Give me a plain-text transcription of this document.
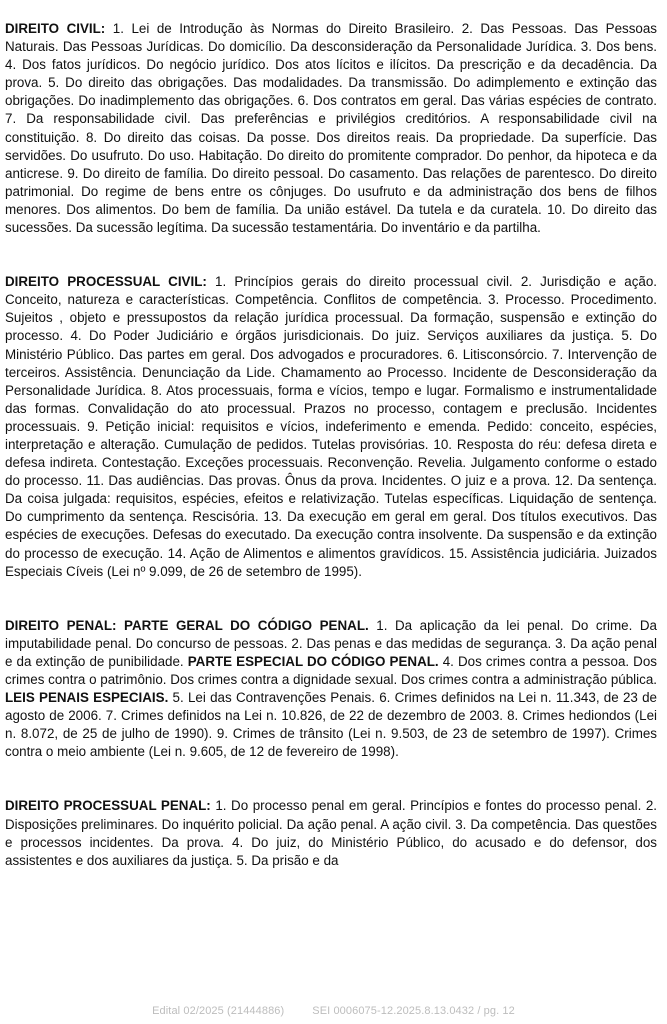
DIREITO CIVIL: 1. Lei de Introdução às Normas do Direito Brasileiro. 2. Das Pessoas. Das Pessoas Naturais. Das Pessoas Jurídicas. Do domicílio. Da desconsideração da Personalidade Jurídica. 3. Dos bens. 4. Dos fatos jurídicos. Do negócio jurídico. Dos atos lícitos e ilícitos. Da prescrição e da decadência. Da prova. 5. Do direito das obrigações. Das modalidades. Da transmissão. Do adimplemento e extinção das obrigações. Do inadimplemento das obrigações. 6. Dos contratos em geral. Das várias espécies de contrato. 7. Da responsabilidade civil. Das preferências e privilégios creditórios. A responsabilidade civil na constituição. 8. Do direito das coisas. Da posse. Dos direitos reais. Da propriedade. Da superfície. Das servidões. Do usufruto. Do uso. Habitação. Do direito do promitente comprador. Do penhor, da hipoteca e da anticrese. 9. Do direito de família. Do direito pessoal. Do casamento. Das relações de parentesco. Do direito patrimonial. Do regime de bens entre os cônjuges. Do usufruto e da administração dos bens de filhos menores. Dos alimentos. Do bem de família. Da união estável. Da tutela e da curatela. 10. Do direito das sucessões. Da sucessão legítima. Da sucessão testamentária. Do inventário e da partilha.

DIREITO PROCESSUAL CIVIL: 1. Princípios gerais do direito processual civil. 2. Jurisdição e ação. Conceito, natureza e características. Competência. Conflitos de competência. 3. Processo. Procedimento. Sujeitos , objeto e pressupostos da relação jurídica processual. Da formação, suspensão e extinção do processo. 4. Do Poder Judiciário e órgãos jurisdicionais. Do juiz. Serviços auxiliares da justiça. 5. Do Ministério Público. Das partes em geral. Dos advogados e procuradores. 6. Litisconsórcio. 7. Intervenção de terceiros. Assistência. Denunciação da Lide. Chamamento ao Processo. Incidente de Desconsideração da Personalidade Jurídica. 8. Atos processuais, forma e vícios, tempo e lugar. Formalismo e instrumentalidade das formas. Convalidação do ato processual. Prazos no processo, contagem e preclusão. Incidentes processuais. 9. Petição inicial: requisitos e vícios, indeferimento e emenda. Pedido: conceito, espécies, interpretação e alteração. Cumulação de pedidos. Tutelas provisórias. 10. Resposta do réu: defesa direta e defesa indireta. Contestação. Exceções processuais. Reconvenção. Revelia. Julgamento conforme o estado do processo. 11. Das audiências. Das provas. Ônus da prova. Incidentes. O juiz e a prova. 12. Da sentença. Da coisa julgada: requisitos, espécies, efeitos e relativização. Tutelas específicas. Liquidação de sentença. Do cumprimento da sentença. Rescisória. 13. Da execução em geral em geral. Dos títulos executivos. Das espécies de execuções. Defesas do executado. Da execução contra insolvente. Da suspensão e da extinção do processo de execução. 14. Ação de Alimentos e alimentos gravídicos. 15. Assistência judiciária. Juizados Especiais Cíveis (Lei nº 9.099, de 26 de setembro de 1995).

DIREITO PENAL: PARTE GERAL DO CÓDIGO PENAL. 1. Da aplicação da lei penal. Do crime. Da imputabilidade penal. Do concurso de pessoas. 2. Das penas e das medidas de segurança. 3. Da ação penal e da extinção de punibilidade. PARTE ESPECIAL DO CÓDIGO PENAL. 4. Dos crimes contra a pessoa. Dos crimes contra o patrimônio. Dos crimes contra a dignidade sexual. Dos crimes contra a administração pública. LEIS PENAIS ESPECIAIS. 5. Lei das Contravenções Penais. 6. Crimes definidos na Lei n. 11.343, de 23 de agosto de 2006. 7. Crimes definidos na Lei n. 10.826, de 22 de dezembro de 2003. 8. Crimes hediondos (Lei n. 8.072, de 25 de julho de 1990). 9. Crimes de trânsito (Lei n. 9.503, de 23 de setembro de 1997). Crimes contra o meio ambiente (Lei n. 9.605, de 12 de fevereiro de 1998).

DIREITO PROCESSUAL PENAL: 1. Do processo penal em geral. Princípios e fontes do processo penal. 2. Disposições preliminares. Do inquérito policial. Da ação penal. A ação civil. 3. Da competência. Das questões e processos incidentes. Da prova. 4. Do juiz, do Ministério Público, do acusado e do defensor, dos assistentes e dos auxiliares da justiça. 5. Da prisão e da

Edital 02/2025 (21444886)	SEI 0006075-12.2025.8.13.0432 / pg. 12
